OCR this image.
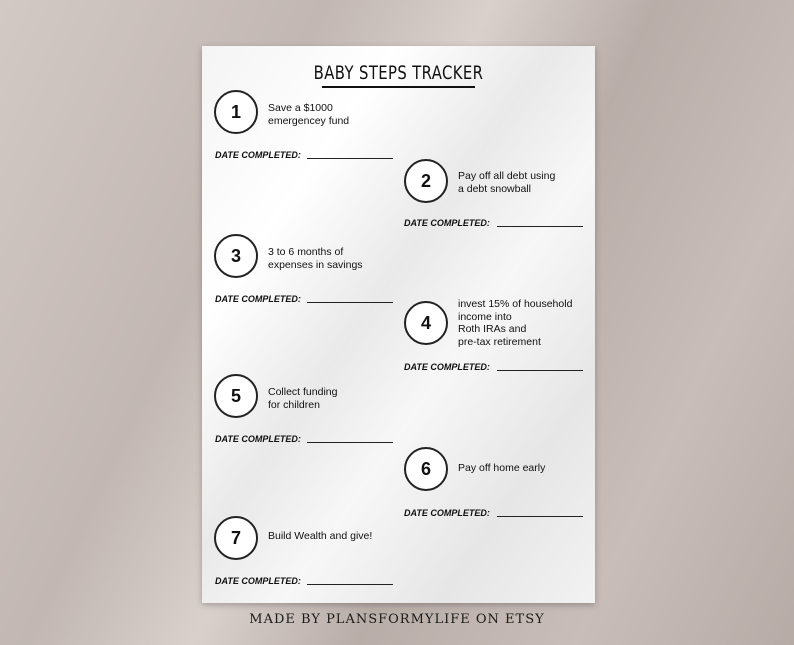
BABY STEPS TRACKER
1	Save a $1000
emergencey fund
DATE COMPLETED:
2	Pay off all debt using
a debt snowball
DATE COMPLETED:
3	3 to 6 months of
expenses in savings
DATE COMPLETED:
4
invest 15% of household
income into
Roth IRAs and
pre-tax retirement
DATE COMPLETED:
5	Collect funding
for children
DATE COMPLETED:
6	Pay off home early
DATE COMPLETED:
7	Build Wealth and give!
DATE COMPLETED:
MADE BY PLANSFORMYLIFE ON ETSY
